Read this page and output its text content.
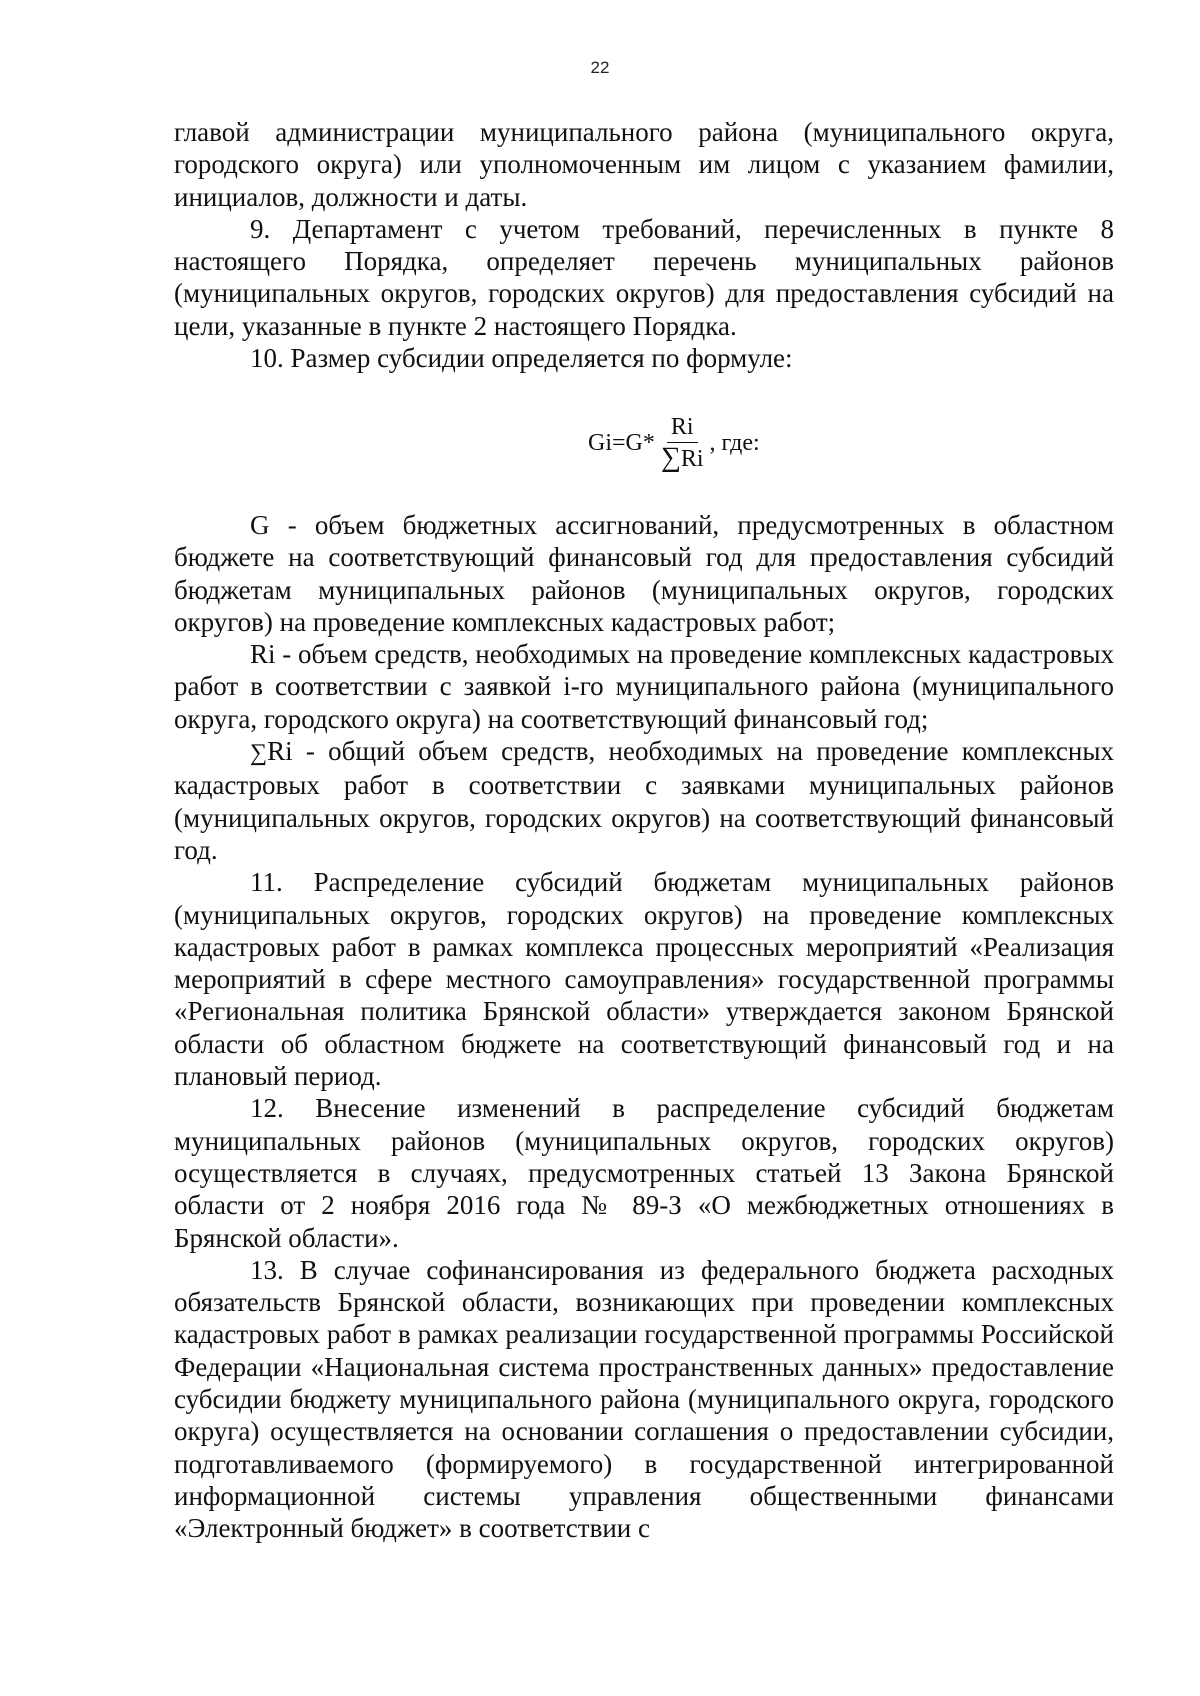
22

главой администрации муниципального района (муниципального округа, городского округа) или уполномоченным им лицом с указанием фамилии, инициалов, должности и даты.

9. Департамент с учетом требований, перечисленных в пункте 8 настоящего Порядка, определяет перечень муниципальных районов (муниципальных округов, городских округов) для предоставления субсидий на цели, указанные в пункте 2 настоящего Порядка.

10. Размер субсидии определяется по формуле:

$Gi=G* \frac{Ri}{\sum Ri}$ , где:

G - объем бюджетных ассигнований, предусмотренных в областном бюджете на соответствующий финансовый год для предоставления субсидий бюджетам муниципальных районов (муниципальных округов, городских округов) на проведение комплексных кадастровых работ;

Ri - объем средств, необходимых на проведение комплексных кадастровых работ в соответствии с заявкой i-го муниципального района (муниципального округа, городского округа) на соответствующий финансовый год;

∑Ri - общий объем средств, необходимых на проведение комплексных кадастровых работ в соответствии с заявками муниципальных районов (муниципальных округов, городских округов) на соответствующий финансовый год.

11. Распределение субсидий бюджетам муниципальных районов (муниципальных округов, городских округов) на проведение комплексных кадастровых работ в рамках комплекса процессных мероприятий «Реализация мероприятий в сфере местного самоуправления» государственной программы «Региональная политика Брянской области» утверждается законом Брянской области об областном бюджете на соответствующий финансовый год и на плановый период.

12. Внесение изменений в распределение субсидий бюджетам муниципальных районов (муниципальных округов, городских округов) осуществляется в случаях, предусмотренных статьей 13 Закона Брянской области от 2 ноября 2016 года № 89-З «О межбюджетных отношениях в Брянской области».

13. В случае софинансирования из федерального бюджета расходных обязательств Брянской области, возникающих при проведении комплексных кадастровых работ в рамках реализации государственной программы Российской Федерации «Национальная система пространственных данных» предоставление субсидии бюджету муниципального района (муниципального округа, городского округа) осуществляется на основании соглашения о предоставлении субсидии, подготавливаемого (формируемого) в государственной интегрированной информационной системы управления общественными финансами «Электронный бюджет» в соответствии с
